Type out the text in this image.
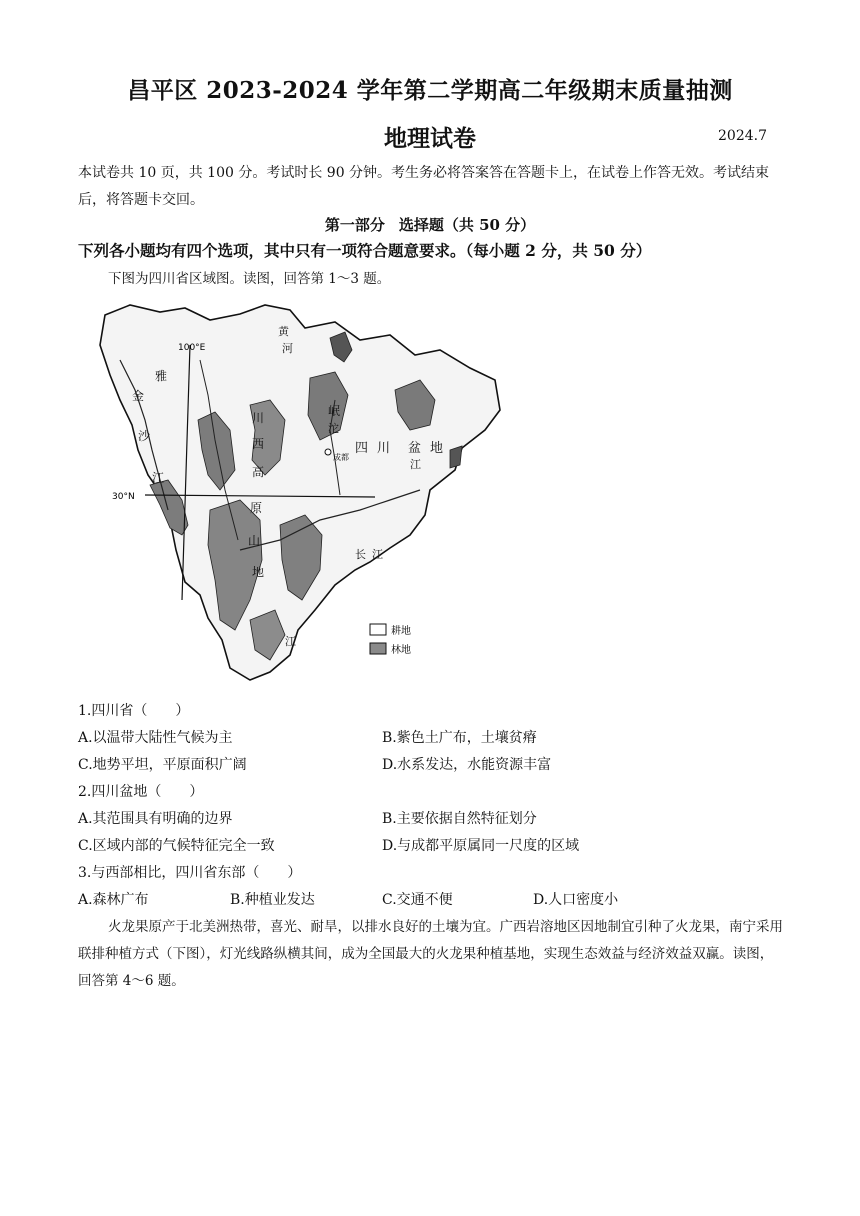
昌平区 2023-2024 学年第二学期高二年级期末质量抽测
地理试卷	2024.7
本试卷共 10 页，共 100 分。考试时长 90 分钟。考生务必将答案答在答题卡上，在试卷上作答无效。考试结束后，将答题卡交回。
第一部分 选择题（共 50 分）
下列各小题均有四个选项，其中只有一项符合题意要求。（每小题 2 分，共 50 分）
下图为四川省区域图。读图，回答第 1～3 题。
100°E
30°N
雅
金
沙
江
川
西
高
原
山
地
岷
沱
成都
四 川 盆 地
江
黄
河
长 江
江
耕地
林地
1.四川省（　　）
A.以温带大陆性气候为主	B.紫色土广布，土壤贫瘠
C.地势平坦，平原面积广阔	D.水系发达，水能资源丰富
2.四川盆地（　　）
A.其范围具有明确的边界	B.主要依据自然特征划分
C.区域内部的气候特征完全一致	D.与成都平原属同一尺度的区域
3.与西部相比，四川省东部（　　）
A.森林广布	B.种植业发达	C.交通不便	D.人口密度小
火龙果原产于北美洲热带，喜光、耐旱，以排水良好的土壤为宜。广西岩溶地区因地制宜引种了火龙果，南宁采用联排种植方式（下图），灯光线路纵横其间，成为全国最大的火龙果种植基地，实现生态效益与经济效益双赢。读图，回答第 4～6 题。
